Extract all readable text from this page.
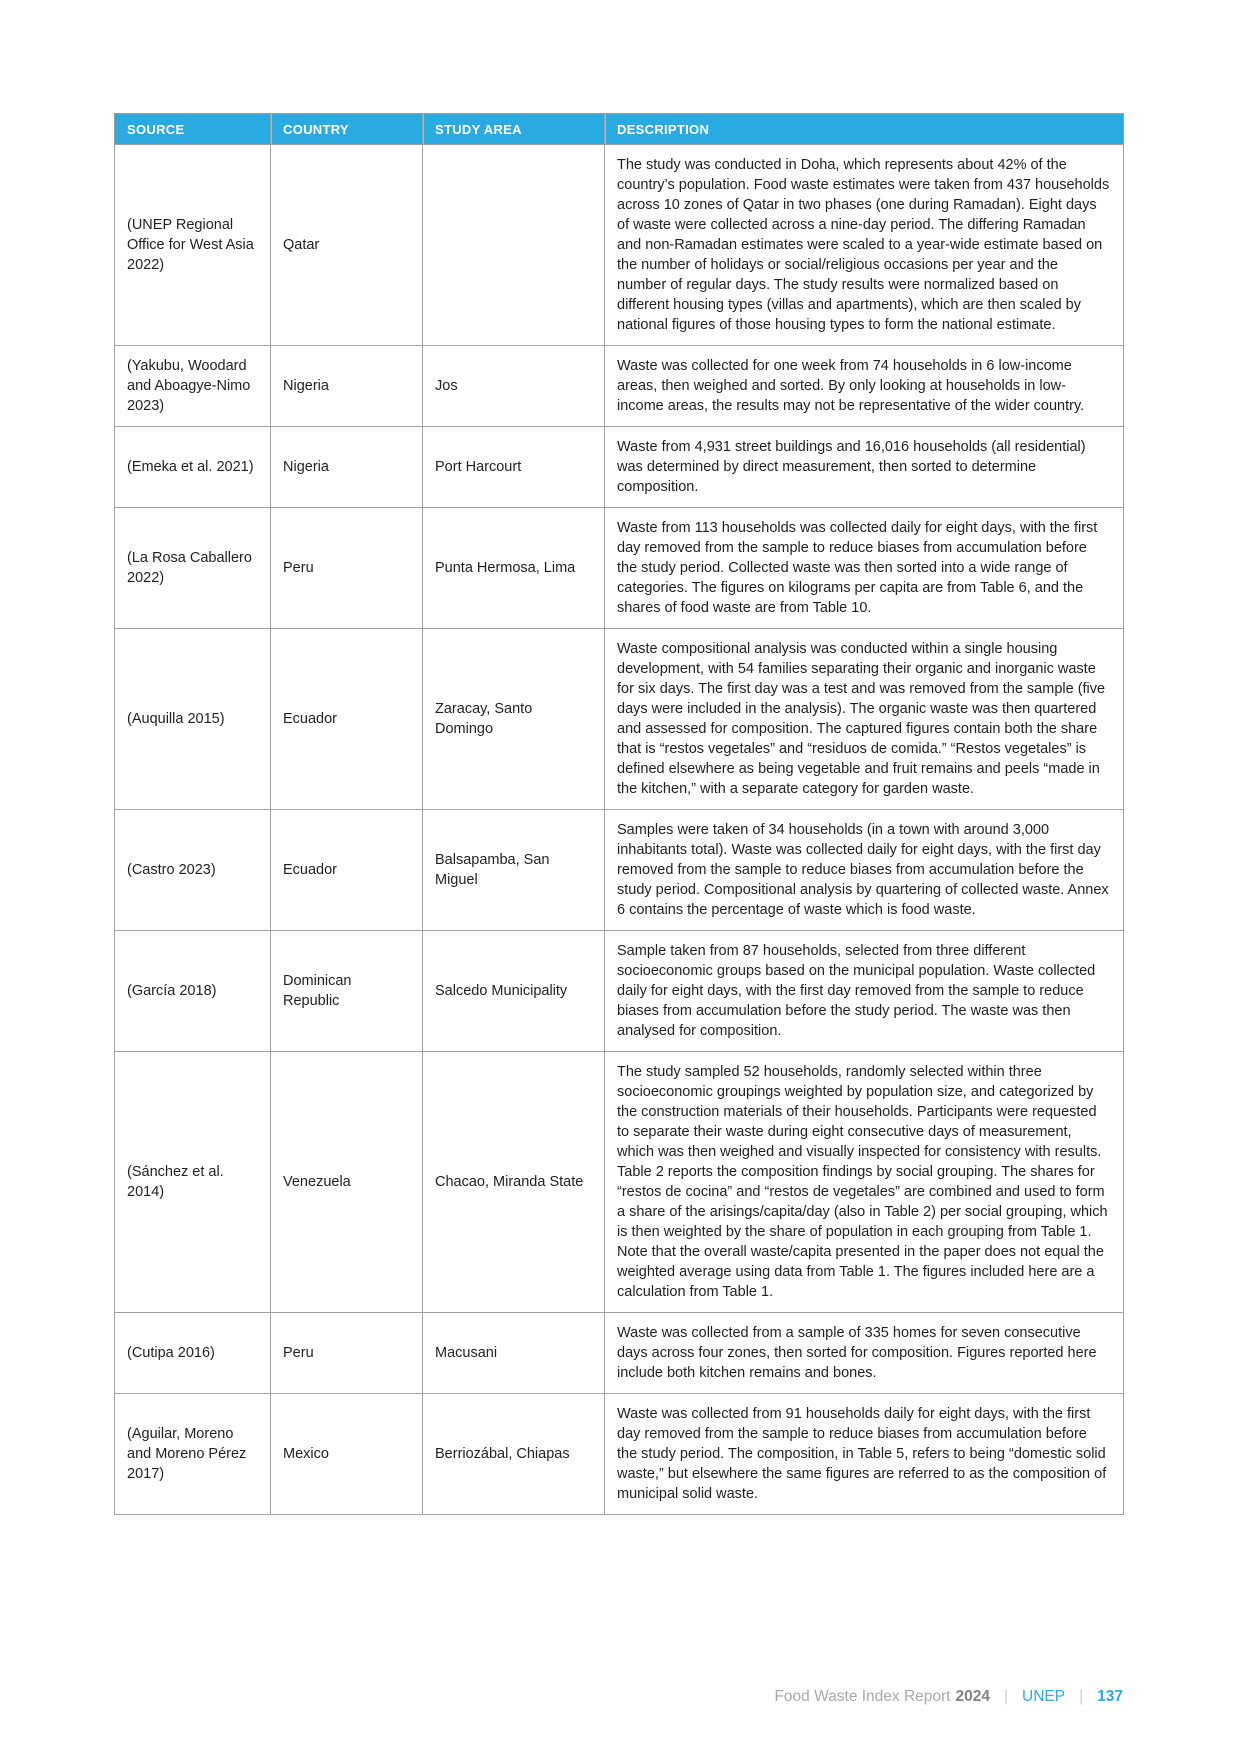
SOURCE	COUNTRY	STUDY AREA	DESCRIPTION
(UNEP Regional Office for West Asia 2022)	Qatar		The study was conducted in Doha, which represents about 42% of the country’s population. Food waste estimates were taken from 437 households across 10 zones of Qatar in two phases (one during Ramadan). Eight days of waste were collected across a nine-day period. The differing Ramadan and non-Ramadan estimates were scaled to a year-wide estimate based on the number of holidays or social/religious occasions per year and the number of regular days. The study results were normalized based on different housing types (villas and apartments), which are then scaled by national figures of those housing types to form the national estimate.
(Yakubu, Woodard and Aboagye-Nimo 2023)	Nigeria	Jos	Waste was collected for one week from 74 households in 6 low-income areas, then weighed and sorted. By only looking at households in low-income areas, the results may not be representative of the wider country.
(Emeka et al. 2021)	Nigeria	Port Harcourt	Waste from 4,931 street buildings and 16,016 households (all residential) was determined by direct measurement, then sorted to determine composition.
(La Rosa Caballero 2022)	Peru	Punta Hermosa, Lima	Waste from 113 households was collected daily for eight days, with the first day removed from the sample to reduce biases from accumulation before the study period. Collected waste was then sorted into a wide range of categories. The figures on kilograms per capita are from Table 6, and the shares of food waste are from Table 10.
(Auquilla 2015)	Ecuador	Zaracay, Santo Domingo	Waste compositional analysis was conducted within a single housing development, with 54 families separating their organic and inorganic waste for six days. The first day was a test and was removed from the sample (five days were included in the analysis). The organic waste was then quartered and assessed for composition. The captured figures contain both the share that is “restos vegetales” and “residuos de comida.” “Restos vegetales” is defined elsewhere as being vegetable and fruit remains and peels “made in the kitchen,” with a separate category for garden waste.
(Castro 2023)	Ecuador	Balsapamba, San Miguel	Samples were taken of 34 households (in a town with around 3,000 inhabitants total). Waste was collected daily for eight days, with the first day removed from the sample to reduce biases from accumulation before the study period. Compositional analysis by quartering of collected waste. Annex 6 contains the percentage of waste which is food waste.
(García 2018)	Dominican Republic	Salcedo Municipality	Sample taken from 87 households, selected from three different socioeconomic groups based on the municipal population. Waste collected daily for eight days, with the first day removed from the sample to reduce biases from accumulation before the study period. The waste was then analysed for composition.
(Sánchez et al. 2014)	Venezuela	Chacao, Miranda State	The study sampled 52 households, randomly selected within three socioeconomic groupings weighted by population size, and categorized by the construction materials of their households. Participants were requested to separate their waste during eight consecutive days of measurement, which was then weighed and visually inspected for consistency with results. Table 2 reports the composition findings by social grouping. The shares for “restos de cocina” and “restos de vegetales” are combined and used to form a share of the arisings/capita/day (also in Table 2) per social grouping, which is then weighted by the share of population in each grouping from Table 1. Note that the overall waste/capita presented in the paper does not equal the weighted average using data from Table 1. The figures included here are a calculation from Table 1.
(Cutipa 2016)	Peru	Macusani	Waste was collected from a sample of 335 homes for seven consecutive days across four zones, then sorted for composition. Figures reported here include both kitchen remains and bones.
(Aguilar, Moreno and Moreno Pérez 2017)	Mexico	Berriozábal, Chiapas	Waste was collected from 91 households daily for eight days, with the first day removed from the sample to reduce biases from accumulation before the study period. The composition, in Table 5, refers to being “domestic solid waste,” but elsewhere the same figures are referred to as the composition of municipal solid waste.
Food Waste Index Report 2024 | UNEP | 137
